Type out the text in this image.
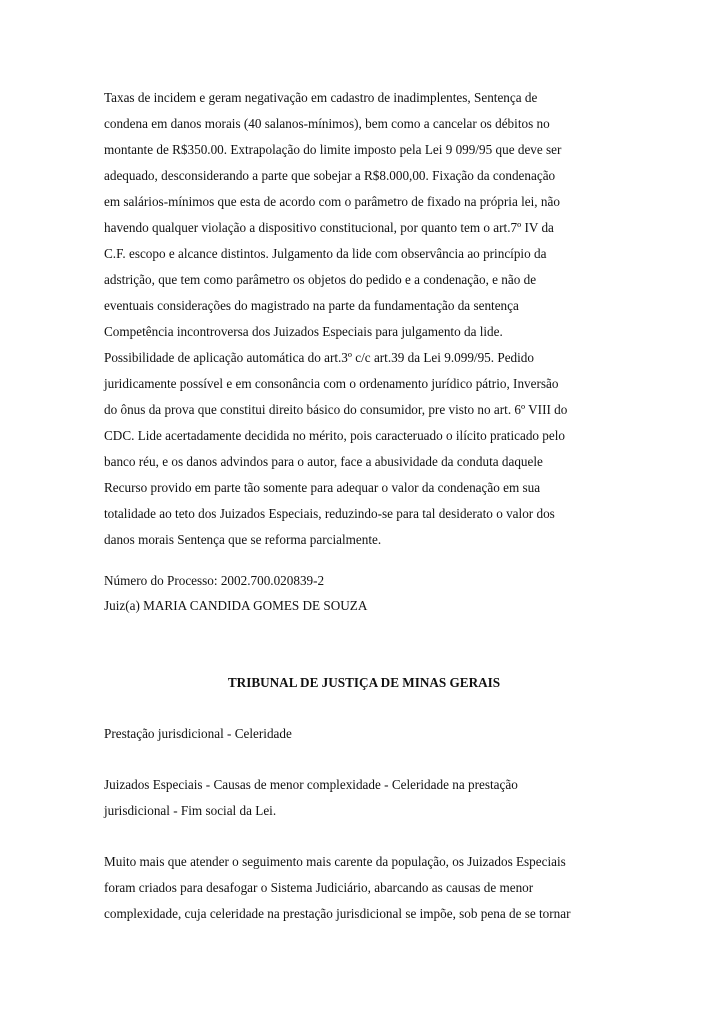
Taxas de incidem e geram negativação em cadastro de inadimplentes, Sentença de
condena em danos morais (40 salanos-mínimos), bem como a cancelar os débitos no
montante de R$350.00. Extrapolação do limite imposto pela Lei 9 099/95 que deve ser
adequado, desconsiderando a parte que sobejar a R$8.000,00. Fixação da condenação
em salários-mínimos que esta de acordo com o parâmetro de fixado na própria lei, não
havendo qualquer violação a dispositivo constitucional, por quanto tem o art.7º IV da
C.F. escopo e alcance distintos. Julgamento da lide com observância ao princípio da
adstrição, que tem como parâmetro os objetos do pedido e a condenação, e não de
eventuais considerações do magistrado na parte da fundamentação da sentença
Competência incontroversa dos Juizados Especiais para julgamento da lide.
Possibilidade de aplicação automática do art.3º c/c art.39 da Lei 9.099/95. Pedido
juridicamente possível e em consonância com o ordenamento jurídico pátrio, Inversão
do ônus da prova que constitui direito básico do consumidor, pre visto no art. 6º VIII do
CDC. Lide acertadamente decidida no mérito, pois caracteruado o ilícito praticado pelo
banco réu, e os danos advindos para o autor, face a abusividade da conduta daquele
Recurso provido em parte tão somente para adequar o valor da condenação em sua
totalidade ao teto dos Juizados Especiais, reduzindo-se para tal desiderato o valor dos
danos morais Sentença que se reforma parcialmente.
Número do Processo: 2002.700.020839-2
Juiz(a) MARIA CANDIDA GOMES DE SOUZA
TRIBUNAL DE JUSTIÇA DE MINAS GERAIS
Prestação jurisdicional - Celeridade
Juizados Especiais - Causas de menor complexidade - Celeridade na prestação
jurisdicional - Fim social da Lei.
Muito mais que atender o seguimento mais carente da população, os Juizados Especiais
foram criados para desafogar o Sistema Judiciário, abarcando as causas de menor
complexidade, cuja celeridade na prestação jurisdicional se impõe, sob pena de se tornar
